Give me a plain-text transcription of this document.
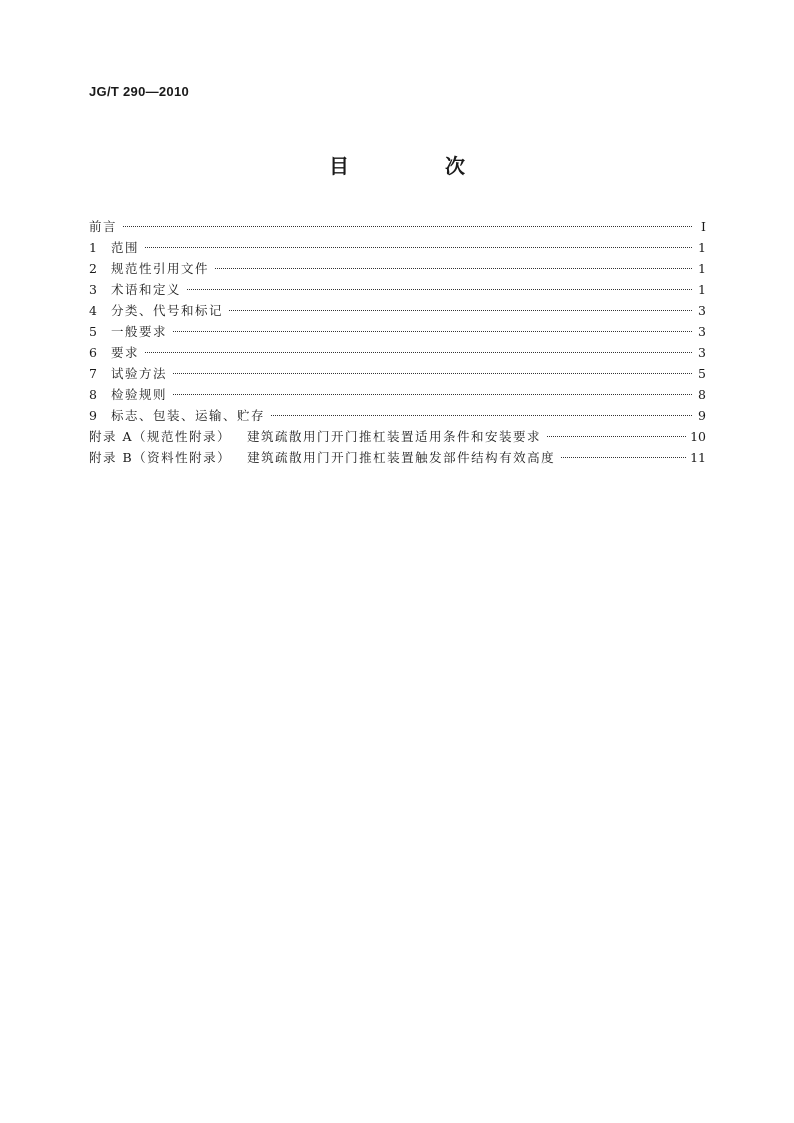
JG/T 290—2010
目　次
前言	Ⅰ
1	范围	1
2	规范性引用文件	1
3	术语和定义	1
4	分类、代号和标记	3
5	一般要求	3
6	要求	3
7	试验方法	5
8	检验规则	8
9	标志、包装、运输、贮存	9
附录 A（规范性附录） 建筑疏散用门开门推杠装置适用条件和安装要求	10
附录 B（资料性附录） 建筑疏散用门开门推杠装置触发部件结构有效高度	11
